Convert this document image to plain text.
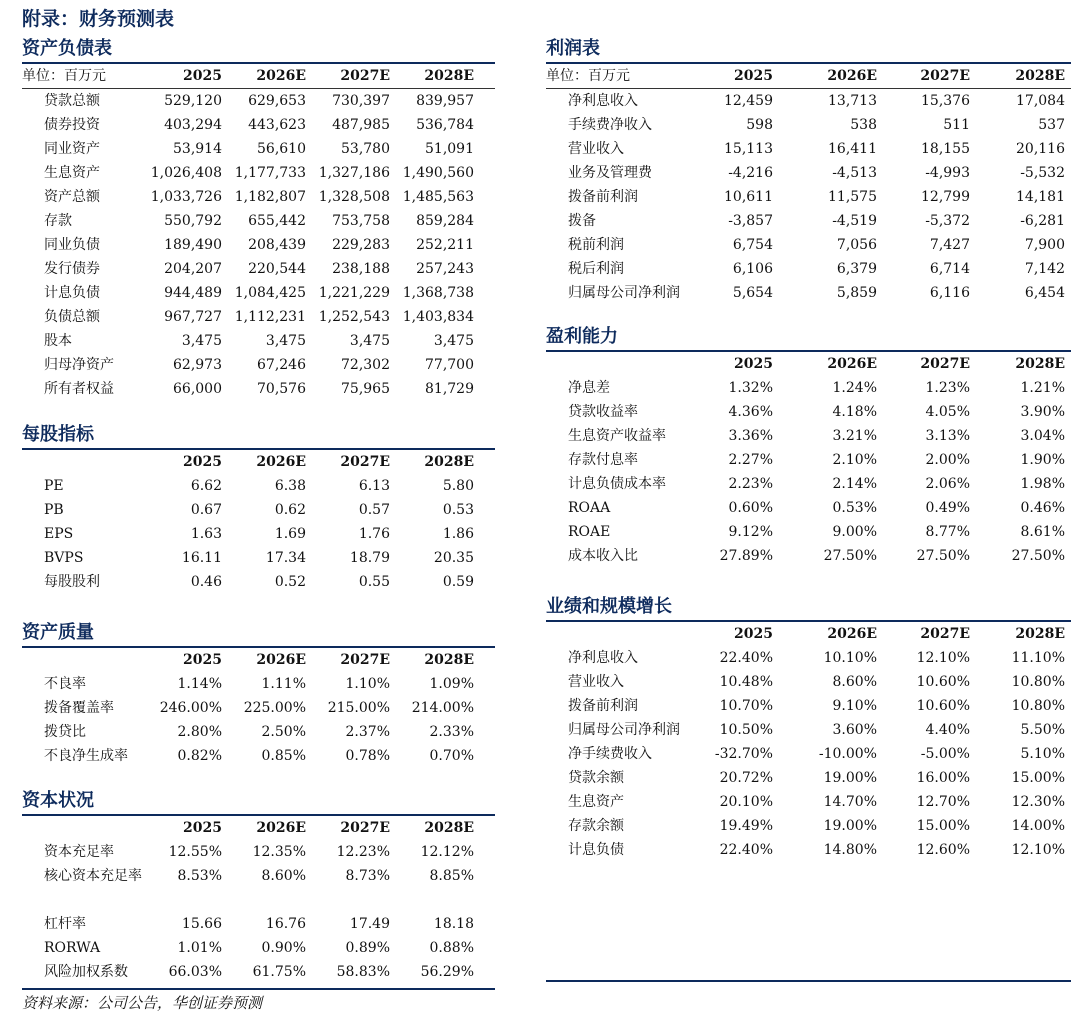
附录：财务预测表
资产负债表
单位：百万元	2025	2026E	2027E	2028E
贷款总额	529,120	629,653	730,397	839,957
债券投资	403,294	443,623	487,985	536,784
同业资产	53,914	56,610	53,780	51,091
生息资产	1,026,408 1,177,733 1,327,186 1,490,560
资产总额	1,033,726 1,182,807 1,328,508 1,485,563
存款	550,792	655,442	753,758	859,284
同业负债	189,490	208,439	229,283	252,211
发行债券	204,207	220,544	238,188	257,243
计息负债	944,489 1,084,425 1,221,229 1,368,738
负债总额	967,727 1,112,231 1,252,543 1,403,834
股本	3,475	3,475	3,475	3,475
归母净资产	62,973	67,246	72,302	77,700
所有者权益	66,000	70,576	75,965	81,729
每股指标
2025	2026E	2027E	2028E
PE	6.62	6.38	6.13	5.80
PB	0.67	0.62	0.57	0.53
EPS	1.63	1.69	1.76	1.86
BVPS	16.11	17.34	18.79	20.35
每股股利	0.46	0.52	0.55	0.59
资产质量
2025	2026E	2027E	2028E
不良率	1.14%	1.11%	1.10%	1.09%
拨备覆盖率	246.00%	225.00%	215.00%	214.00%
拨贷比	2.80%	2.50%	2.37%	2.33%
不良净生成率	0.82%	0.85%	0.78%	0.70%
资本状况
2025	2026E	2027E	2028E
资本充足率	12.55%	12.35%	12.23%	12.12%
核心资本充足率	8.53%	8.60%	8.73%	8.85%
杠杆率	15.66	16.76	17.49	18.18
RORWA	1.01%	0.90%	0.89%	0.88%
风险加权系数	66.03%	61.75%	58.83%	56.29%
利润表
单位：百万元	2025	2026E	2027E	2028E
净利息收入	12,459	13,713	15,376	17,084
手续费净收入	598	538	511	537
营业收入	15,113	16,411	18,155	20,116
业务及管理费	-4,216	-4,513	-4,993	-5,532
拨备前利润	10,611	11,575	12,799	14,181
拨备	-3,857	-4,519	-5,372	-6,281
税前利润	6,754	7,056	7,427	7,900
税后利润	6,106	6,379	6,714	7,142
归属母公司净利润	5,654	5,859	6,116	6,454
盈利能力
2025	2026E	2027E	2028E
净息差	1.32%	1.24%	1.23%	1.21%
贷款收益率	4.36%	4.18%	4.05%	3.90%
生息资产收益率	3.36%	3.21%	3.13%	3.04%
存款付息率	2.27%	2.10%	2.00%	1.90%
计息负债成本率	2.23%	2.14%	2.06%	1.98%
ROAA	0.60%	0.53%	0.49%	0.46%
ROAE	9.12%	9.00%	8.77%	8.61%
成本收入比	27.89%	27.50%	27.50%	27.50%
业绩和规模增长
2025	2026E	2027E	2028E
净利息收入	22.40%	10.10%	12.10%	11.10%
营业收入	10.48%	8.60%	10.60%	10.80%
拨备前利润	10.70%	9.10%	10.60%	10.80%
归属母公司净利润	10.50%	3.60%	4.40%	5.50%
净手续费收入	-32.70%	-10.00%	-5.00%	5.10%
贷款余额	20.72%	19.00%	16.00%	15.00%
生息资产	20.10%	14.70%	12.70%	12.30%
存款余额	19.49%	19.00%	15.00%	14.00%
计息负债	22.40%	14.80%	12.60%	12.10%
资料来源：公司公告，华创证券预测
